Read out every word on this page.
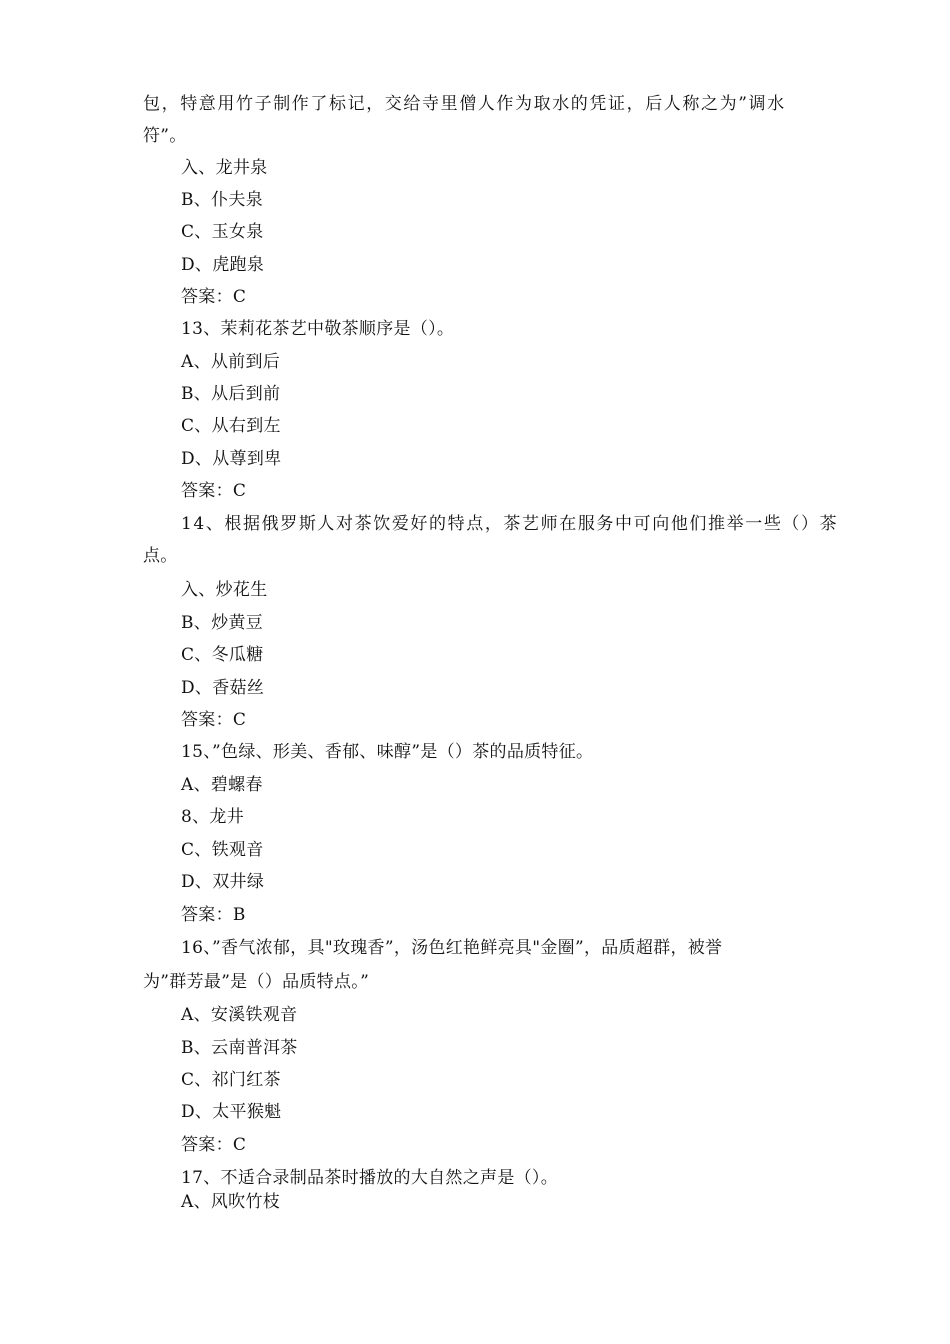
包，特意用竹子制作了标记，交给寺里僧人作为取水的凭证，后人称之为”调水
符”。
入、龙井泉
B、仆夫泉
C、玉女泉
D、虎跑泉
答案：C
13、茉莉花茶艺中敬茶顺序是（）。
A、从前到后
B、从后到前
C、从右到左
D、从尊到卑
答案：C
14、根据俄罗斯人对茶饮爱好的特点，茶艺师在服务中可向他们推举一些（）茶
点。
入、炒花生
B、炒黄豆
C、冬瓜糖
D、香菇丝
答案：C
15、”色绿、形美、香郁、味醇”是（）茶的品质特征。
A、碧螺春
8、龙井
C、铁观音
D、双井绿
答案：B
16、”香气浓郁，具"玫瑰香”，汤色红艳鲜亮具"金圈”，品质超群，被誉
为”群芳最”是（）品质特点。”
A、安溪铁观音
B、云南普洱茶
C、祁门红茶
D、太平猴魁
答案：C
17、不适合录制品茶时播放的大自然之声是（）。
A、风吹竹枝
